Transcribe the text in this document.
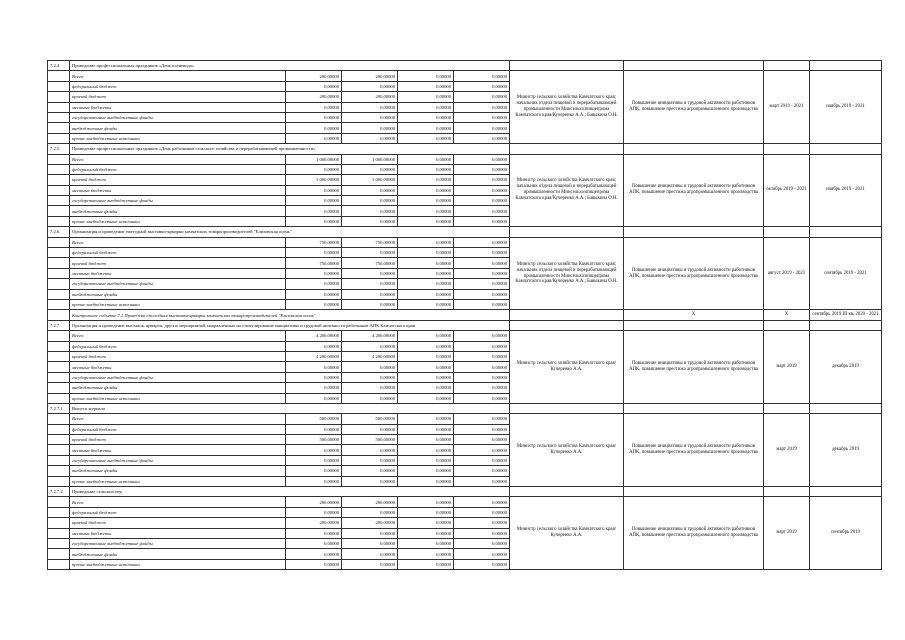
7.2.4.	Проведение профессиональных праздников «День оленевода»								
	Всего:	200,00000	200,00000	0,00000	0,00000	Министр сельского хозяйства Камчатского края; начальник отдела пищевой и перерабатывающей промышленности Минсельхозпищепрома Камчатского края/Кучеренко А.А.; Бавыкина О.Н.	Повышение инициативы и трудовой активности работников АПК, повышение престижа агропромышленного производства	март 2019 - 2021	ноябрь 2019 - 2021
	федеральный бюджет	0,00000	0,00000	0,00000	0,00000				
	краевой бюджет	200,00000	200,00000	0,00000	0,00000				
	местные бюджеты	0,00000	0,00000	0,00000	0,00000				
	государственные внебюджетные фонды	0,00000	0,00000	0,00000	0,00000				
	внебюджетные фонды	0,00000	0,00000	0,00000	0,00000				
	прочие внебюджетные источники	0,00000	0,00000	0,00000	0,00000				
7.2.5.	Проведение профессиональных праздников «День работников сельского хозяйства и перерабатывающей промышленности»								
	Всего:	1 000,00000	1 000,00000	0,00000	0,00000	Министр сельского хозяйства Камчатского края; начальник отдела пищевой и перерабатывающей промышленности Минсельхозпищепрома Камчатского края/Кучеренко А.А.; Бавыкина О.Н.	Повышение инициативы и трудовой активности работников АПК, повышение престижа агропромышленного производства	октябрь 2019 - 2021	ноябрь 2019 - 2021
	федеральный бюджет	0,00000	0,00000	0,00000	0,00000				
	краевой бюджет	1 000,00000	1 000,00000	0,00000	0,00000				
	местные бюджеты	0,00000	0,00000	0,00000	0,00000				
	государственные внебюджетные фонды	0,00000	0,00000	0,00000	0,00000				
	внебюджетные фонды	0,00000	0,00000	0,00000	0,00000				
	прочие внебюджетные источники	0,00000	0,00000	0,00000	0,00000				
7.2.6.	Организация и проведение ежегодной выставки-ярмарки камчатских товаропроизводителей "Елизовская осень"								
	Всего:	750,00000	750,00000	0,00000	0,00000	Министр сельского хозяйства Камчатского края; начальник отдела пищевой и перерабатывающей промышленности Минсельхозпищепрома Камчатского края/Кучеренко А.А.; Бавыкина О.Н.	Повышение инициативы и трудовой активности работников АПК, повышение престижа агропромышленного производства	август 2019 - 2021	сентябрь 2019 - 2021
	федеральный бюджет	0,00000	0,00000	0,00000	0,00000				
	краевой бюджет	750,00000	750,00000	0,00000	0,00000				
	местные бюджеты	0,00000	0,00000	0,00000	0,00000				
	государственные внебюджетные фонды	0,00000	0,00000	0,00000	0,00000				
	внебюджетные фонды	0,00000	0,00000	0,00000	0,00000				
	прочие внебюджетные источники	0,00000	0,00000	0,00000	0,00000				
	Контрольное событие 7.1 Проведена ежегодная выставка-ярмарка камчатских товаропроизводителей "Елизовская осень"						X	X	сентябрь 2019 III кв. 2020 - 2021
7.2.7.	Организация и проведение выставок, ярмарок, других мероприятий, направленных на стимулирование инициативы и трудовой активности работников АПК Камчатского края								
	Всего:	4 200,00000	4 200,00000	0,00000	0,00000	Министр сельского хозяйства Камчатского края/Кучеренко А.А.	Повышение инициативы и трудовой активности работников АПК, повышение престижа агропромышленного производства	март 2019	декабрь 2019
	федеральный бюджет	0,00000	0,00000	0,00000	0,00000				
	краевой бюджет	4 200,00000	4 200,00000	0,00000	0,00000				
	местные бюджеты	0,00000	0,00000	0,00000	0,00000				
	государственные внебюджетные фонды	0,00000	0,00000	0,00000	0,00000				
	внебюджетные фонды	0,00000	0,00000	0,00000	0,00000				
	прочие внебюджетные источники	0,00000	0,00000	0,00000	0,00000				
7.2.7.1.	Выпуск журнала								
	Всего:	500,00000	500,00000	0,00000	0,00000	Министр сельского хозяйства Камчатского края/Кучеренко А.А.	Повышение инициативы и трудовой активности работников АПК, повышение престижа агропромышленного производства	март 2019	декабрь 2019
	федеральный бюджет	0,00000	0,00000	0,00000	0,00000				
	краевой бюджет	500,00000	500,00000	0,00000	0,00000				
	местные бюджеты	0,00000	0,00000	0,00000	0,00000				
	государственные внебюджетные фонды	0,00000	0,00000	0,00000	0,00000				
	внебюджетные фонды	0,00000	0,00000	0,00000	0,00000				
	прочие внебюджетные источники	0,00000	0,00000	0,00000	0,00000				
7.2.7.2.	Проведение сельских игр								
	Всего:	200,00000	200,00000	0,00000	0,00000	Министр сельского хозяйства Камчатского края/Кучеренко А.А.	Повышение инициативы и трудовой активности работников АПК, повышение престижа агропромышленного производства	март 2019	сентябрь 2019
	федеральный бюджет	0,00000	0,00000	0,00000	0,00000				
	краевой бюджет	200,00000	200,00000	0,00000	0,00000				
	местные бюджеты	0,00000	0,00000	0,00000	0,00000				
	государственные внебюджетные фонды	0,00000	0,00000	0,00000	0,00000				
	внебюджетные фонды	0,00000	0,00000	0,00000	0,00000				
	прочие внебюджетные источники	0,00000	0,00000	0,00000	0,00000				
